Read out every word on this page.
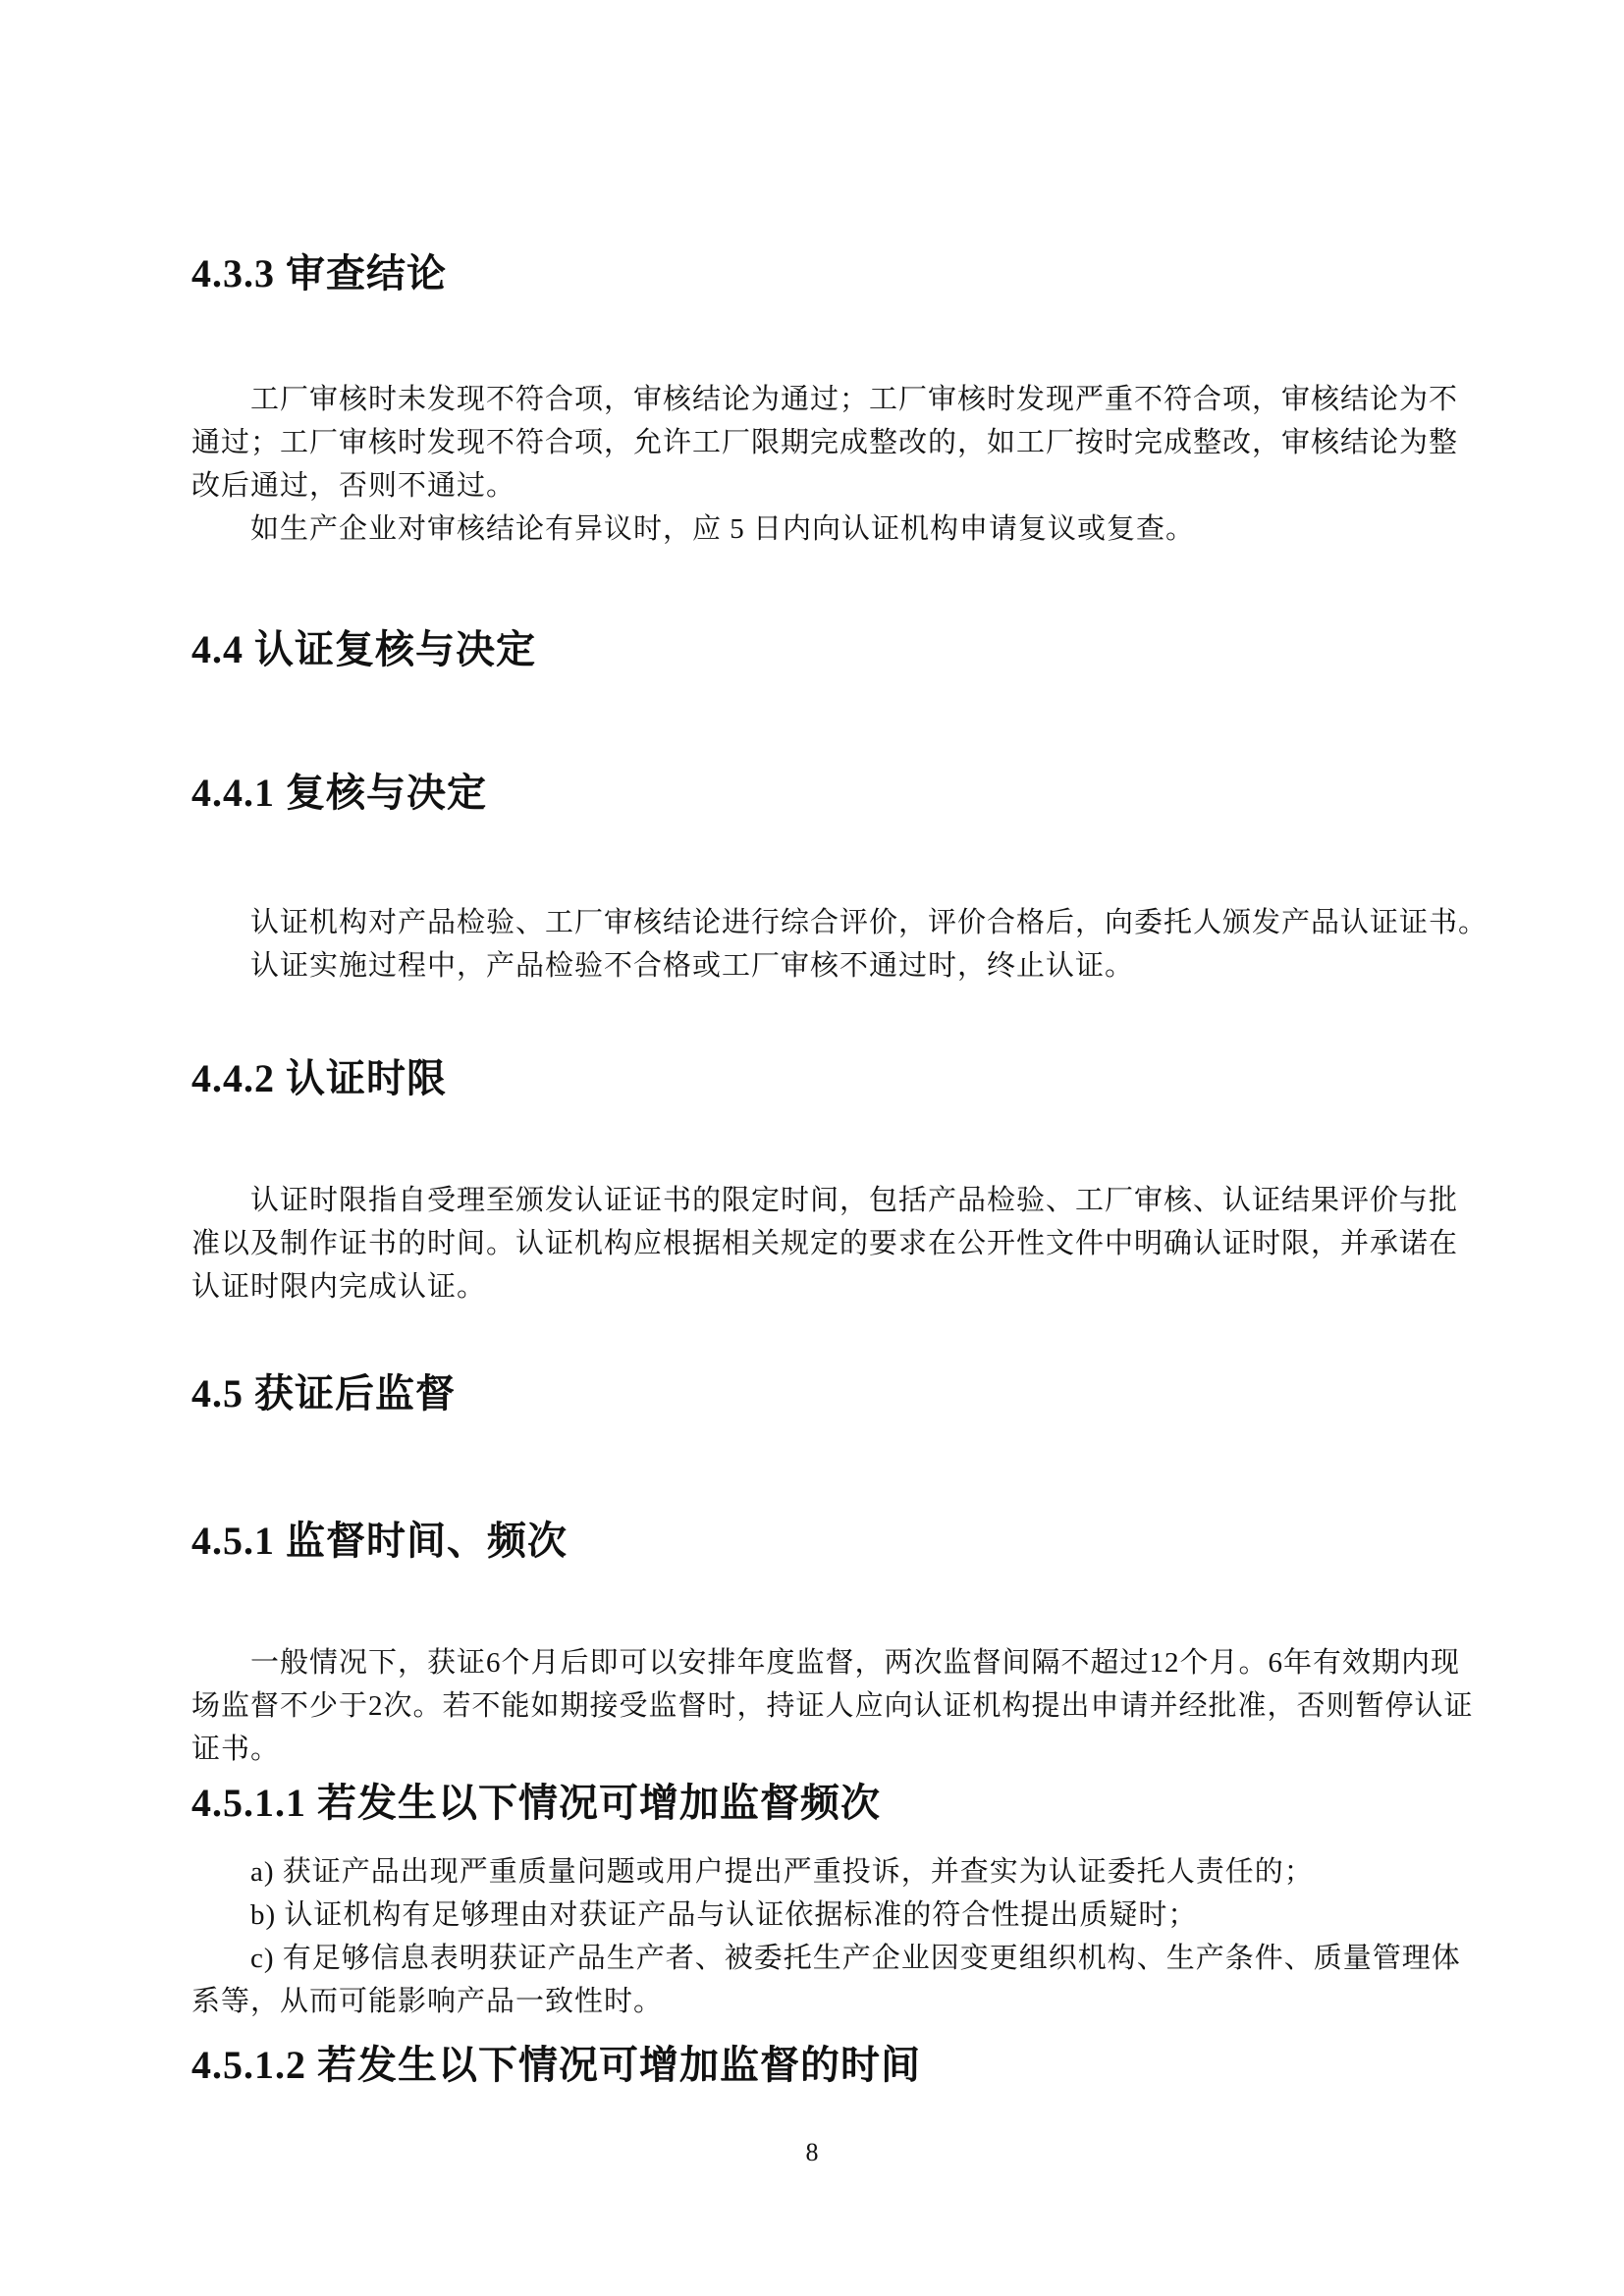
4.3.3 审查结论
工厂审核时未发现不符合项，审核结论为通过；工厂审核时发现严重不符合项，审核结论为不
通过；工厂审核时发现不符合项，允许工厂限期完成整改的，如工厂按时完成整改，审核结论为整
改后通过，否则不通过。
如生产企业对审核结论有异议时，应 5 日内向认证机构申请复议或复查。
4.4 认证复核与决定
4.4.1 复核与决定
认证机构对产品检验、工厂审核结论进行综合评价，评价合格后，向委托人颁发产品认证证书。
认证实施过程中，产品检验不合格或工厂审核不通过时，终止认证。
4.4.2 认证时限
认证时限指自受理至颁发认证证书的限定时间，包括产品检验、工厂审核、认证结果评价与批
准以及制作证书的时间。认证机构应根据相关规定的要求在公开性文件中明确认证时限，并承诺在
认证时限内完成认证。
4.5 获证后监督
4.5.1 监督时间、频次
一般情况下，获证6个月后即可以安排年度监督，两次监督间隔不超过12个月。6年有效期内现
场监督不少于2次。若不能如期接受监督时，持证人应向认证机构提出申请并经批准，否则暂停认证
证书。
4.5.1.1 若发生以下情况可增加监督频次
a) 获证产品出现严重质量问题或用户提出严重投诉，并查实为认证委托人责任的；
b) 认证机构有足够理由对获证产品与认证依据标准的符合性提出质疑时；
c) 有足够信息表明获证产品生产者、被委托生产企业因变更组织机构、生产条件、质量管理体
系等，从而可能影响产品一致性时。
4.5.1.2 若发生以下情况可增加监督的时间
8
